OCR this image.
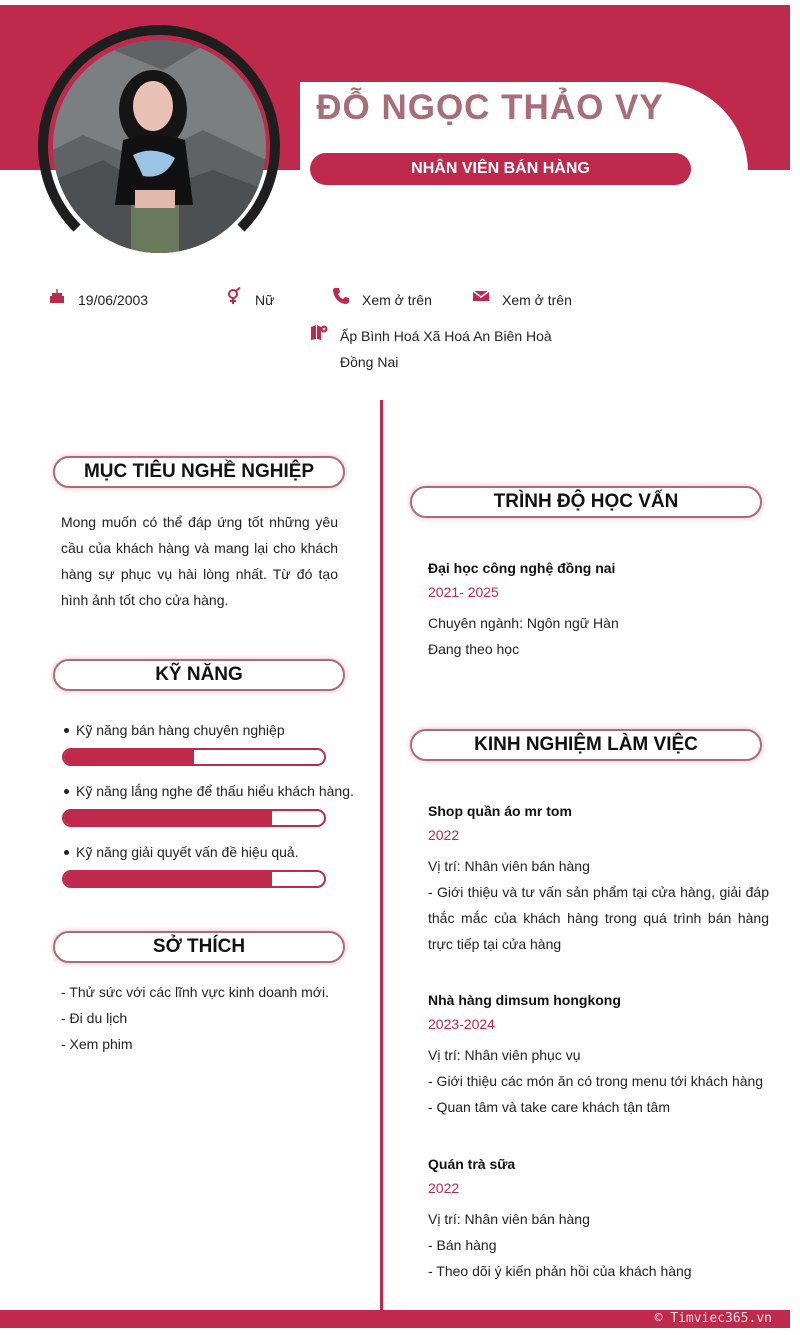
ĐỖ NGỌC THẢO VY
NHÂN VIÊN BÁN HÀNG
19/06/2003	Nữ	Xem ở trên	Xem ở trên
Ấp Bình Hoá Xã Hoá An Biên Hoà
Đồng Nai
MỤC TIÊU NGHỀ NGHIỆP
Mong muốn có thể đáp ứng tốt những yêu cầu của khách hàng và mang lại cho khách hàng sự phục vụ hài lòng nhất. Từ đó tạo hình ảnh tốt cho cửa hàng.
KỸ NĂNG
Kỹ năng bán hàng chuyên nghiệp
Kỹ năng lắng nghe để thấu hiểu khách hàng.
Kỹ năng giải quyết vấn đề hiệu quả.
SỞ THÍCH
- Thử sức với các lĩnh vực kinh doanh mới.
- Đi du lịch
- Xem phim
TRÌNH ĐỘ HỌC VẤN
Đại học công nghệ đồng nai
2021- 2025
Chuyên ngành: Ngôn ngữ Hàn
Đang theo học
KINH NGHIỆM LÀM VIỆC
Shop quần áo mr tom
2022
Vị trí: Nhân viên bán hàng
- Giới thiệu và tư vấn sản phẩm tại cửa hàng, giải đáp thắc mắc của khách hàng trong quá trình bán hàng trực tiếp tại cửa hàng
Nhà hàng dimsum hongkong
2023-2024
Vị trí: Nhân viên phục vụ
- Giới thiệu các món ăn có trong menu tới khách hàng
- Quan tâm và take care khách tận tâm
Quán trà sữa
2022
Vị trí: Nhân viên bán hàng
- Bán hàng
- Theo dõi ý kiến phản hồi của khách hàng
© Timviec365.vn
